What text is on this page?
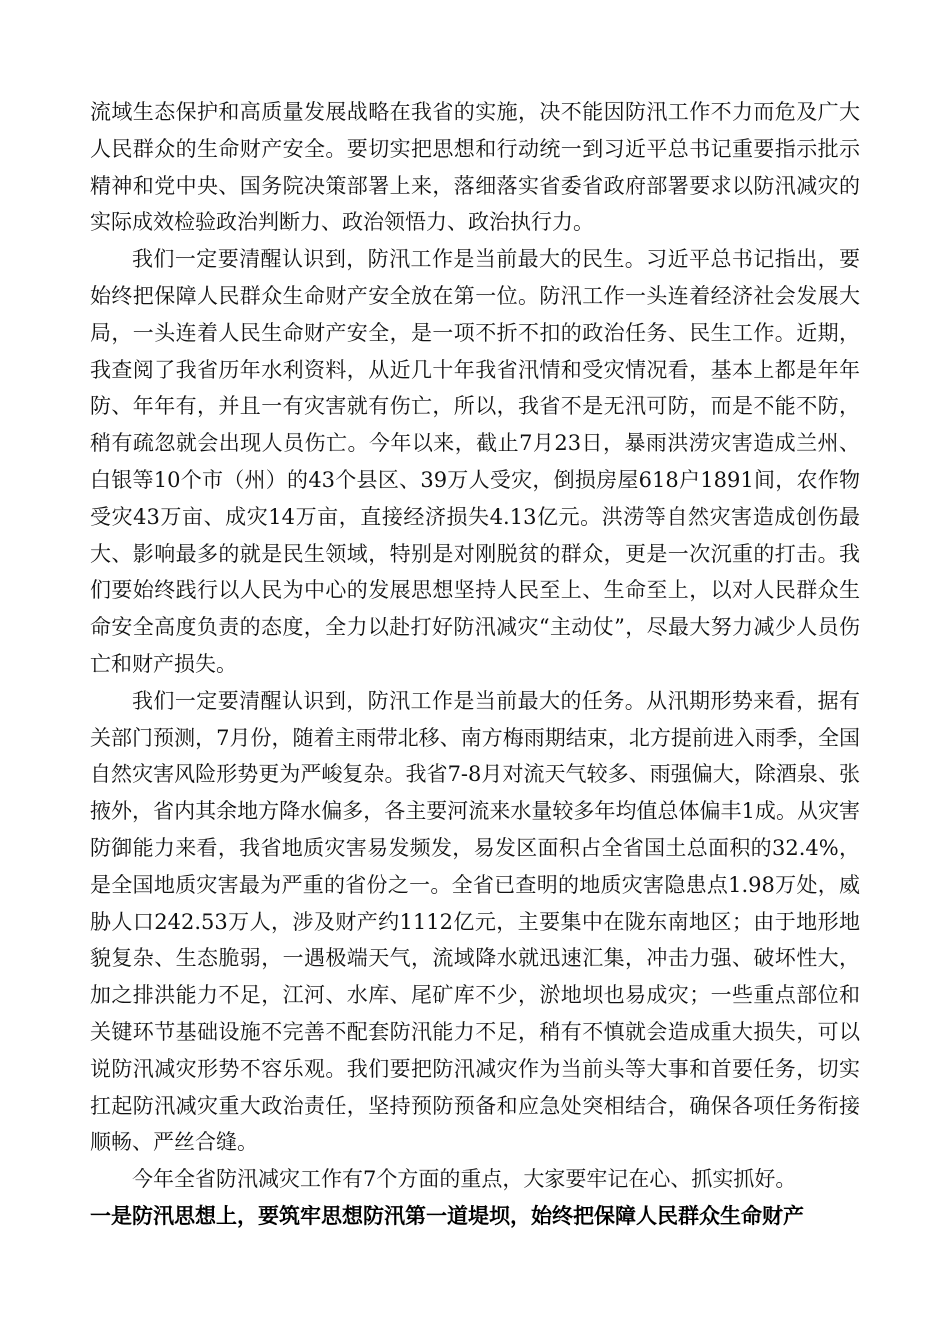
流域生态保护和高质量发展战略在我省的实施，决不能因防汛工作不力而危及广大人民群众的生命财产安全。要切实把思想和行动统一到习近平总书记重要指示批示精神和党中央、国务院决策部署上来，落细落实省委省政府部署要求以防汛减灾的实际成效检验政治判断力、政治领悟力、政治执行力。

我们一定要清醒认识到，防汛工作是当前最大的民生。习近平总书记指出，要始终把保障人民群众生命财产安全放在第一位。防汛工作一头连着经济社会发展大局，一头连着人民生命财产安全，是一项不折不扣的政治任务、民生工作。近期，我查阅了我省历年水利资料，从近几十年我省汛情和受灾情况看，基本上都是年年防、年年有，并且一有灾害就有伤亡，所以，我省不是无汛可防，而是不能不防，稍有疏忽就会出现人员伤亡。今年以来，截止7月23日，暴雨洪涝灾害造成兰州、白银等10个市（州）的43个县区、39万人受灾，倒损房屋618户1891间，农作物受灾43万亩、成灾14万亩，直接经济损失4.13亿元。洪涝等自然灾害造成创伤最大、影响最多的就是民生领域，特别是对刚脱贫的群众，更是一次沉重的打击。我们要始终践行以人民为中心的发展思想坚持人民至上、生命至上，以对人民群众生命安全高度负责的态度，全力以赴打好防汛减灾“主动仗”，尽最大努力减少人员伤亡和财产损失。

我们一定要清醒认识到，防汛工作是当前最大的任务。从汛期形势来看，据有关部门预测，7月份，随着主雨带北移、南方梅雨期结束，北方提前进入雨季，全国自然灾害风险形势更为严峻复杂。我省7-8月对流天气较多、雨强偏大，除酒泉、张掖外，省内其余地方降水偏多，各主要河流来水量较多年均值总体偏丰1成。从灾害防御能力来看，我省地质灾害易发频发，易发区面积占全省国土总面积的32.4%，是全国地质灾害最为严重的省份之一。全省已查明的地质灾害隐患点1.98万处，威胁人口242.53万人，涉及财产约1112亿元，主要集中在陇东南地区；由于地形地貌复杂、生态脆弱，一遇极端天气，流域降水就迅速汇集，冲击力强、破坏性大，加之排洪能力不足，江河、水库、尾矿库不少，淤地坝也易成灾；一些重点部位和关键环节基础设施不完善不配套防汛能力不足，稍有不慎就会造成重大损失，可以说防汛减灾形势不容乐观。我们要把防汛减灾作为当前头等大事和首要任务，切实扛起防汛减灾重大政治责任，坚持预防预备和应急处突相结合，确保各项任务衔接顺畅、严丝合缝。

今年全省防汛减灾工作有7个方面的重点，大家要牢记在心、抓实抓好。

一是防汛思想上，要筑牢思想防汛第一道堤坝，始终把保障人民群众生命财产
